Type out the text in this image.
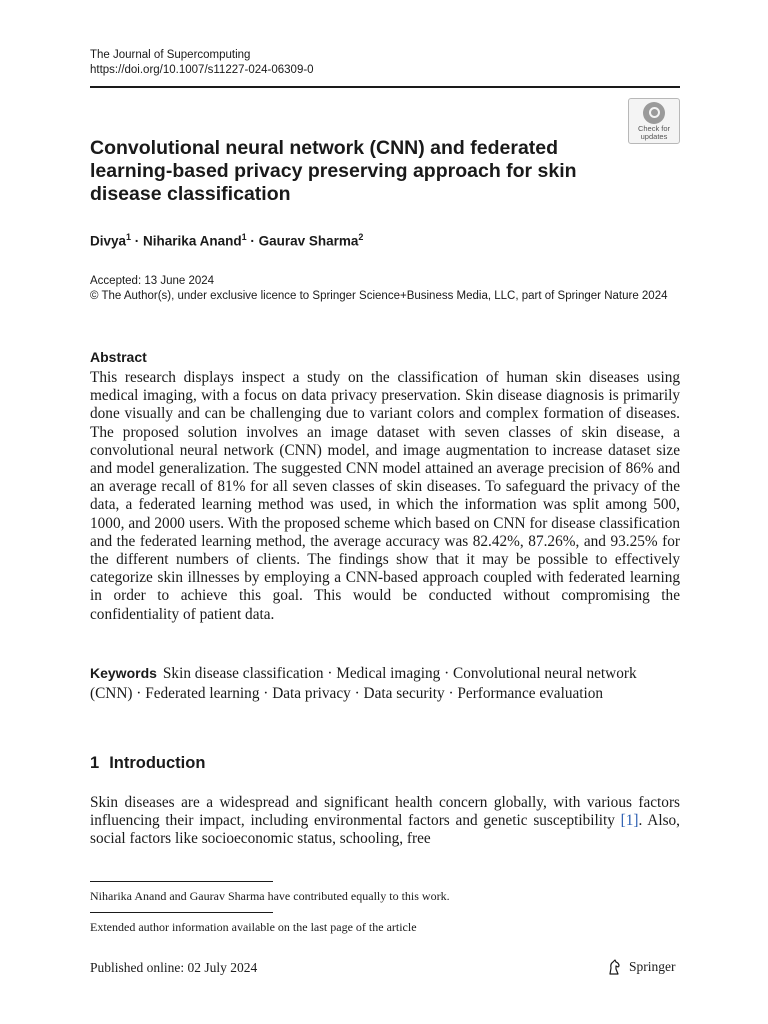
The Journal of Supercomputing
https://doi.org/10.1007/s11227-024-06309-0
Check for
updates
Convolutional neural network (CNN) and federated learning-based privacy preserving approach for skin disease classification
Divya$^1$ · Niharika Anand$^1$ · Gaurav Sharma$^2$
Accepted: 13 June 2024
© The Author(s), under exclusive licence to Springer Science+Business Media, LLC, part of Springer Nature 2024
Abstract
This research displays inspect a study on the classification of human skin diseases using medical imaging, with a focus on data privacy preservation. Skin disease diagnosis is primarily done visually and can be challenging due to variant colors and complex formation of diseases. The proposed solution involves an image dataset with seven classes of skin disease, a convolutional neural network (CNN) model, and image augmentation to increase dataset size and model generalization. The suggested CNN model attained an average precision of 86% and an average recall of 81% for all seven classes of skin diseases. To safeguard the privacy of the data, a federated learning method was used, in which the information was split among 500, 1000, and 2000 users. With the proposed scheme which based on CNN for disease classification and the federated learning method, the average accuracy was 82.42%, 87.26%, and 93.25% for the different numbers of clients. The findings show that it may be possible to effectively categorize skin illnesses by employing a CNN-based approach coupled with federated learning in order to achieve this goal. This would be conducted without compromising the confidentiality of patient data.
Keywords Skin disease classification · Medical imaging · Convolutional neural network (CNN) · Federated learning · Data privacy · Data security · Performance evaluation
1 Introduction
Skin diseases are a widespread and significant health concern globally, with various factors influencing their impact, including environmental factors and genetic susceptibility [1]. Also, social factors like socioeconomic status, schooling, free
Niharika Anand and Gaurav Sharma have contributed equally to this work.
Extended author information available on the last page of the article
Published online: 02 July 2024	Springer
